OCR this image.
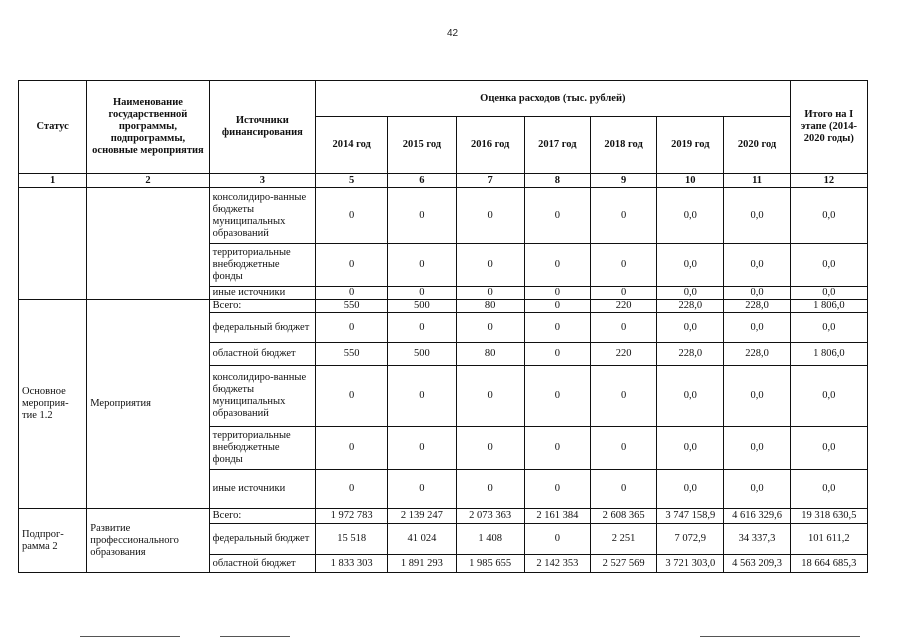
42
Статус	Наименование государственной программы, подпрограммы, основные мероприятия	Источники финансирования	Оценка расходов (тыс. рублей)							Итого на I этапе (2014-2020 годы)
			2014 год	2015 год	2016 год	2017 год	2018 год	2019 год	2020 год	
1	2	3	5	6	7	8	9	10	11	12
		консолидиро-ванные бюджеты муниципальных образований	0	0	0	0	0	0,0	0,0	0,0
		территориальные внебюджетные фонды	0	0	0	0	0	0,0	0,0	0,0
		иные источники	0	0	0	0	0	0,0	0,0	0,0
Основное мероприя-тие 1.2	Мероприятия	Всего:	550	500	80	0	220	228,0	228,0	1 806,0
		федеральный бюджет	0	0	0	0	0	0,0	0,0	0,0
		областной бюджет	550	500	80	0	220	228,0	228,0	1 806,0
		консолидиро-ванные бюджеты муниципальных образований	0	0	0	0	0	0,0	0,0	0,0
		территориальные внебюджетные фонды	0	0	0	0	0	0,0	0,0	0,0
		иные источники	0	0	0	0	0	0,0	0,0	0,0
Подпрог-рамма 2	Развитие профессионального образования	Всего:	1 972 783	2 139 247	2 073 363	2 161 384	2 608 365	3 747 158,9	4 616 329,6	19 318 630,5
		федеральный бюджет	15 518	41 024	1 408	0	2 251	7 072,9	34 337,3	101 611,2
		областной бюджет	1 833 303	1 891 293	1 985 655	2 142 353	2 527 569	3 721 303,0	4 563 209,3	18 664 685,3
